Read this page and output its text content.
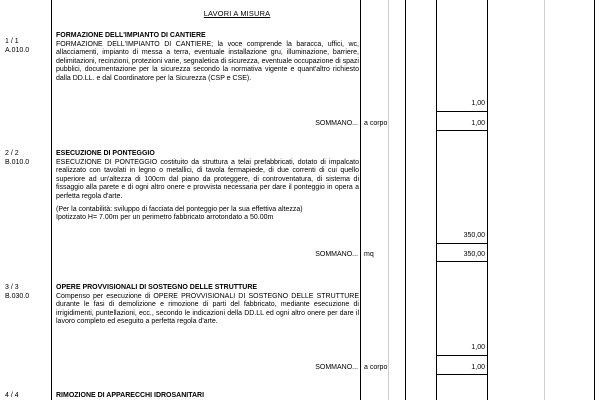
LAVORI A MISURA
1 / 1
A.010.0
FORMAZIONE DELL'IMPIANTO DI CANTIERE
FORMAZIONE DELL'IMPIANTO DI CANTIERE; la voce comprende la baracca, uffici, wc, allacciamenti, impianto di messa a terra, eventuale installazione gru, illuminazione, barriere, delimitazioni, recinzioni, protezioni varie, segnaletica di sicurezza, eventuale occupazione di spazi pubblici, documentazione per la sicurezza secondo la normativa vigente e quant'altro richiesto dalla DD.LL. e dal Coordinatore per la Sicurezza (CSP e CSE).
1,00
SOMMANO... a corpo	1,00
2 / 2
B.010.0
ESECUZIONE DI PONTEGGIO
ESECUZIONE DI PONTEGGIO costituito da struttura a telai prefabbricati, dotato di impalcato realizzato con tavolati in legno o metallici, di tavola fermapiede, di due correnti di cui quello superiore ad un'altezza di 100cm dal piano da proteggere, di controventatura, di sistema di fissaggio alla parete e di ogni altro onere e provvista necessaria per dare il ponteggio in opera a perfetta regola d'arte.
(Per la contabilità: sviluppo di facciata del ponteggio per la sua effettiva altezza)
Ipotizzato H= 7.00m per un perimetro fabbricato arrotondato a 50.00m
350,00
SOMMANO... mq	350,00
3 / 3
B.030.0
OPERE PROVVISIONALI DI SOSTEGNO DELLE STRUTTURE
Compenso per esecuzione di OPERE PROVVISIONALI DI SOSTEGNO DELLE STRUTTURE durante le fasi di demolizione e rimozione di parti del fabbricato, mediante esecuzione di irrigidimenti, puntellazioni, ecc., secondo le indicazioni della DD.LL ed ogni altro onere per dare il lavoro completo ed eseguito a perfetta regola d'arte.
1,00
SOMMANO... a corpo	1,00
4 / 4	RIMOZIONE DI APPARECCHI IDROSANITARI
